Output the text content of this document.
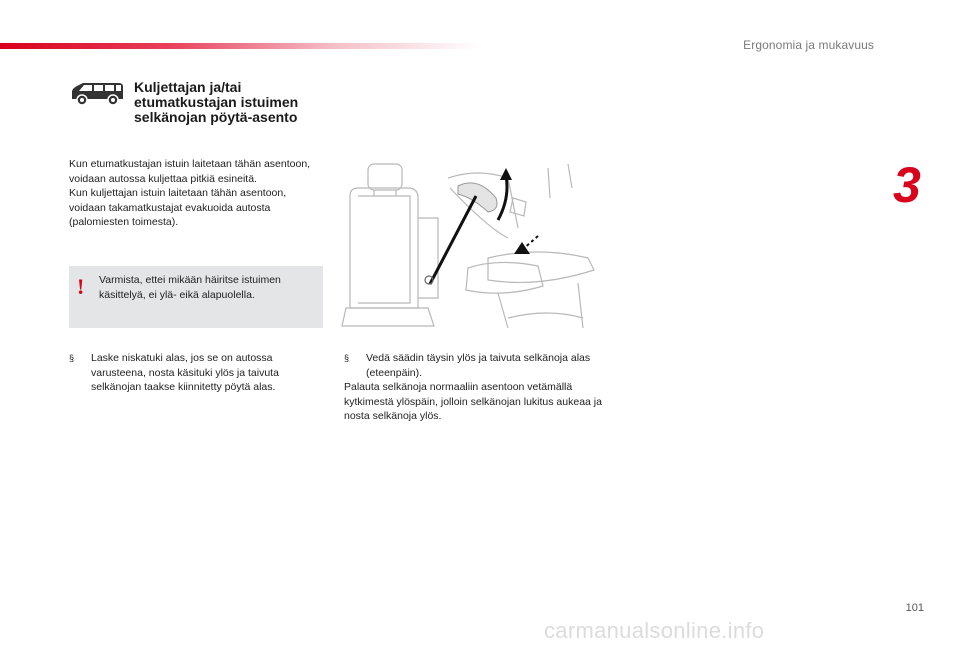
Ergonomia ja mukavuus
3
Kuljettajan ja/tai etumatkustajan istuimen selkänojan pöytä-asento

Kun etumatkustajan istuin laitetaan tähän asentoon, voidaan autossa kuljettaa pitkiä esineitä.

Kun kuljettajan istuin laitetaan tähän asentoon, voidaan takamatkustajat evakuoida autosta (palomiesten toimesta).

! Varmista, ettei mikään häiritse istuimen käsittelyä, ei ylä- eikä alapuolella.
§	Laske niskatuki alas, jos se on autossa varusteena, nosta käsituki ylös ja taivuta selkänojan taakse kiinnitetty pöytä alas.
§	Vedä säädin täysin ylös ja taivuta selkänoja alas (eteenpäin).
Palauta selkänoja normaaliin asentoon vetämällä kytkimestä ylöspäin, jolloin selkänojan lukitus aukeaa ja nosta selkänoja ylös.
101
carmanualsonline.info
